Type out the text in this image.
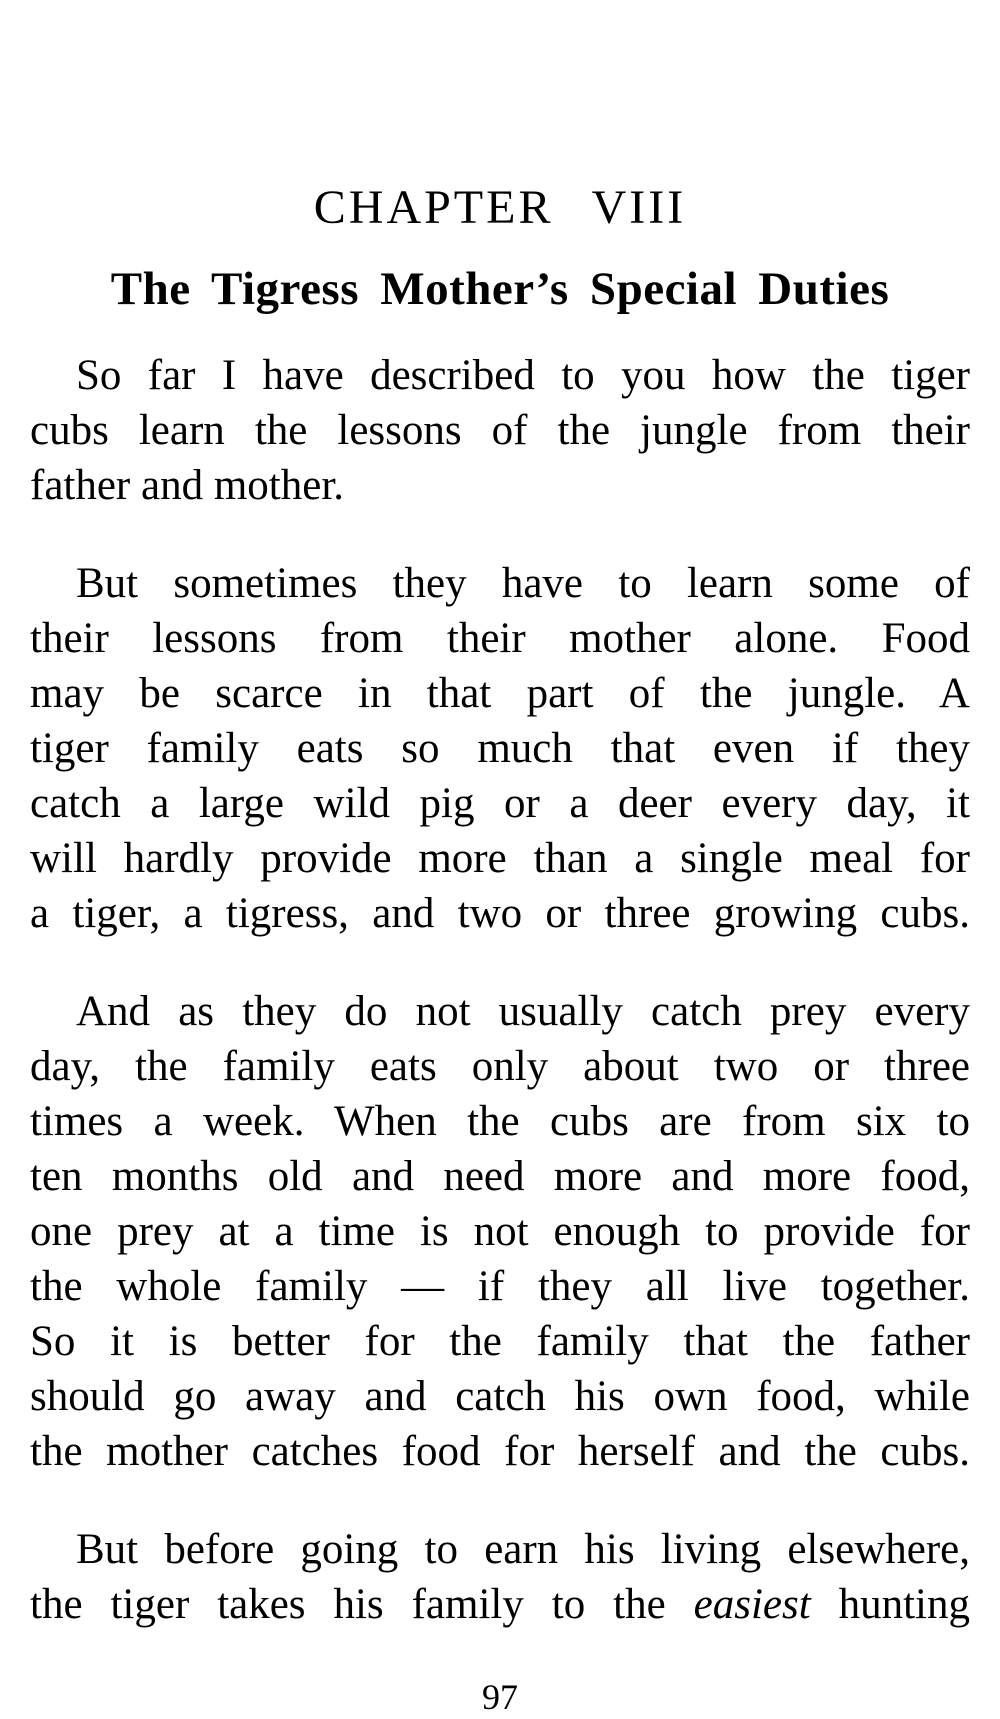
CHAPTER VIII
The Tigress Mother’s Special Duties

So far I have described to you how the tiger
cubs learn the lessons of the jungle from their
father and mother.

But sometimes they have to learn some of
their lessons from their mother alone. Food
may be scarce in that part of the jungle. A
tiger family eats so much that even if they
catch a large wild pig or a deer every day, it
will hardly provide more than a single meal for
a tiger, a tigress, and two or three growing cubs.

And as they do not usually catch prey every
day, the family eats only about two or three
times a week. When the cubs are from six to
ten months old and need more and more food,
one prey at a time is not enough to provide for
the whole family — if they all live together.
So it is better for the family that the father
should go away and catch his own food, while
the mother catches food for herself and the cubs.

But before going to earn his living elsewhere,
the tiger takes his family to the easiest hunting

97
